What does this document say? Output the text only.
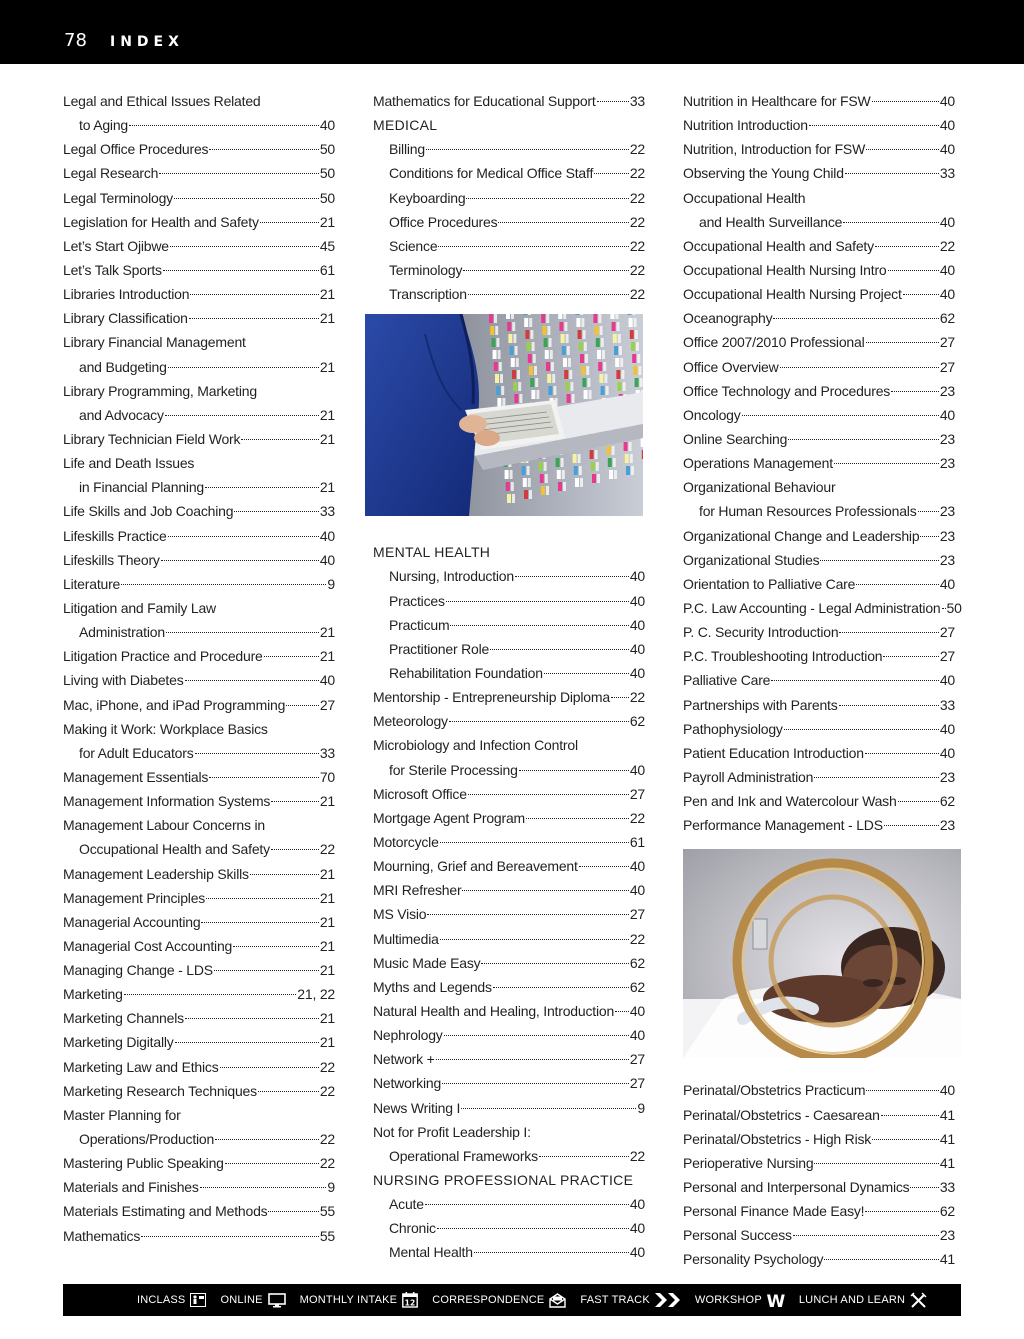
78 INDEX
Legal and Ethical Issues Related
to Aging	40
Legal Office Procedures	50
Legal Research	50
Legal Terminology	50
Legislation for Health and Safety	21
Let’s Start Ojibwe	45
Let’s Talk Sports	61
Libraries Introduction	21
Library Classification	21
Library Financial Management
and Budgeting	21
Library Programming, Marketing
and Advocacy	21
Library Technician Field Work	21
Life and Death Issues
in Financial Planning	21
Life Skills and Job Coaching	33
Lifeskills Practice	40
Lifeskills Theory	40
Literature	9
Litigation and Family Law
Administration	21
Litigation Practice and Procedure	21
Living with Diabetes	40
Mac, iPhone, and iPad Programming 27
Making it Work: Workplace Basics
for Adult Educators	33
Management Essentials	70
Management Information Systems	21
Management Labour Concerns in
Occupational Health and Safety	22
Management Leadership Skills	21
Management Principles	21
Managerial Accounting	21
Managerial Cost Accounting	21
Managing Change - LDS	21
Marketing	21, 22
Marketing Channels	21
Marketing Digitally	21
Marketing Law and Ethics	22
Marketing Research Techniques	22
Master Planning for
Operations/Production	22
Mastering Public Speaking	22
Materials and Finishes	9
Materials Estimating and Methods	55
Mathematics	55
Mathematics for Educational Support 33
MEDICAL
Billing	22
Conditions for Medical Office Staff	22
Keyboarding	22
Office Procedures	22
Science	22
Terminology	22
Transcription	22
MENTAL HEALTH
Nursing, Introduction	40
Practices	40
Practicum	40
Practitioner Role	40
Rehabilitation Foundation	40
Mentorship - Entrepreneurship Diploma 22
Meteorology	62
Microbiology and Infection Control
for Sterile Processing	40
Microsoft Office	27
Mortgage Agent Program	22
Motorcycle	61
Mourning, Grief and Bereavement	40
MRI Refresher	40
MS Visio	27
Multimedia	22
Music Made Easy	62
Myths and Legends	62
Natural Health and Healing, Introduction 40
Nephrology	40
Network +	27
Networking	27
News Writing I	9
Not for Profit Leadership I:
Operational Frameworks	22
NURSING PROFESSIONAL PRACTICE
Acute	40
Chronic	40
Mental Health	40
Nutrition in Healthcare for FSW	40
Nutrition Introduction	40
Nutrition, Introduction for FSW	40
Observing the Young Child	33
Occupational Health
and Health Surveillance	40
Occupational Health and Safety	22
Occupational Health Nursing Intro	40
Occupational Health Nursing Project	40
Oceanography	62
Office 2007/2010 Professional	27
Office Overview	27
Office Technology and Procedures	23
Oncology	40
Online Searching	23
Operations Management	23
Organizational Behaviour
for Human Resources Professionals 23
Organizational Change and Leadership 23
Organizational Studies	23
Orientation to Palliative Care	40
P.C. Law Accounting - Legal Administration 50
P. C. Security Introduction	27
P.C. Troubleshooting Introduction	27
Palliative Care	40
Partnerships with Parents	33
Pathophysiology	40
Patient Education Introduction	40
Payroll Administration	23
Pen and Ink and Watercolour Wash	62
Performance Management - LDS	23
Perinatal/Obstetrics Practicum	40
Perinatal/Obstetrics - Caesarean	41
Perinatal/Obstetrics - High Risk	41
Perioperative Nursing	41
Personal and Interpersonal Dynamics 33
Personal Finance Made Easy!	62
Personal Success	23
Personality Psychology	41
INCLASS	ONLINE	MONTHLY INTAKE 12 CORRESPONDENCE	FAST TRACK	WORKSHOP W LUNCH AND LEARN
